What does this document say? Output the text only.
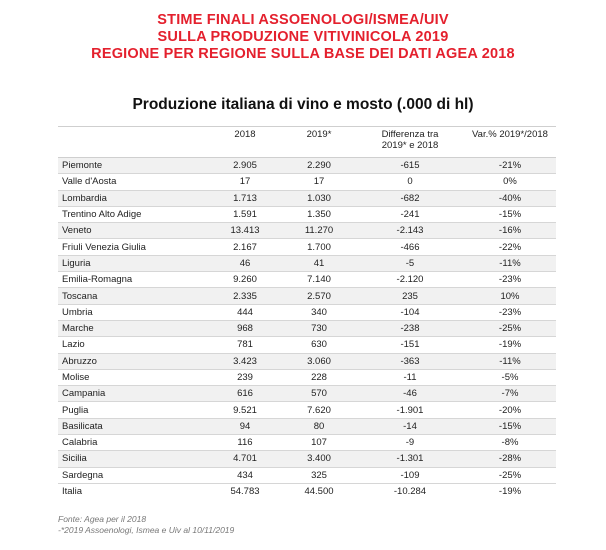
STIME FINALI ASSOENOLOGI/ISMEA/UIV
SULLA PRODUZIONE VITIVINICOLA 2019
REGIONE PER REGIONE SULLA BASE DEI DATI AGEA 2018
Produzione italiana di vino e mosto (.000 di hl)
	2018	2019*	Differenza tra 2019* e 2018	Var.% 2019*/2018
Piemonte	2.905	2.290	-615	-21%
Valle d'Aosta	17	17	0	0%
Lombardia	1.713	1.030	-682	-40%
Trentino Alto Adige	1.591	1.350	-241	-15%
Veneto	13.413	11.270	-2.143	-16%
Friuli Venezia Giulia	2.167	1.700	-466	-22%
Liguria	46	41	-5	-11%
Emilia-Romagna	9.260	7.140	-2.120	-23%
Toscana	2.335	2.570	235	10%
Umbria	444	340	-104	-23%
Marche	968	730	-238	-25%
Lazio	781	630	-151	-19%
Abruzzo	3.423	3.060	-363	-11%
Molise	239	228	-11	-5%
Campania	616	570	-46	-7%
Puglia	9.521	7.620	-1.901	-20%
Basilicata	94	80	-14	-15%
Calabria	116	107	-9	-8%
Sicilia	4.701	3.400	-1.301	-28%
Sardegna	434	325	-109	-25%
Italia	54.783	44.500	-10.284	-19%
Fonte: Agea per il 2018
-*2019 Assoenologi, Ismea e Uiv al 10/11/2019
